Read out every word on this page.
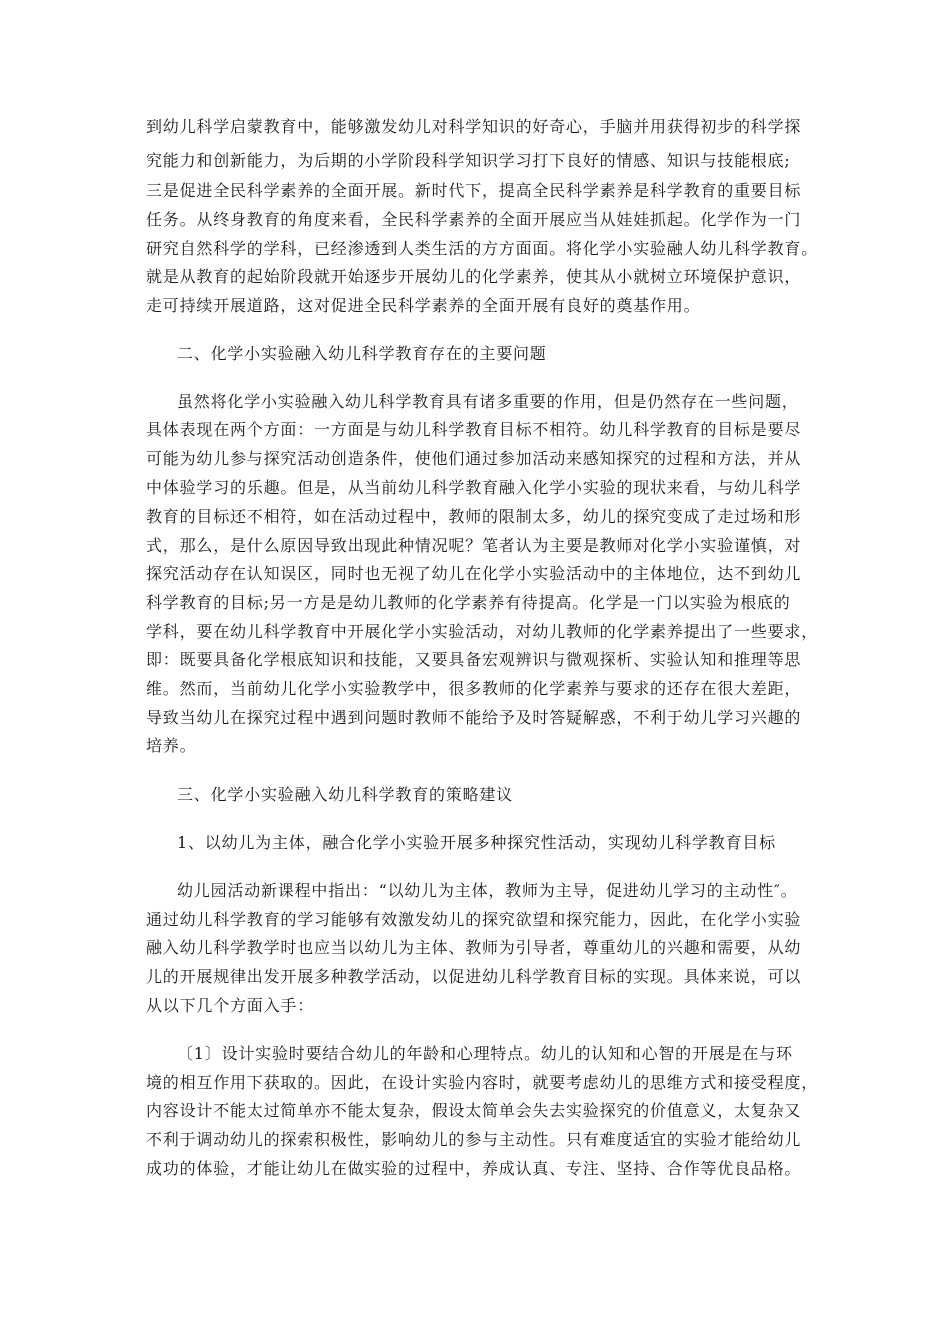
到幼儿科学启蒙教育中，能够激发幼儿对科学知识的好奇心，手脑并用获得初步的科学探

究能力和创新能力，为后期的小学阶段科学知识学习打下良好的情感、知识与技能根底;

三是促进全民科学素养的全面开展。新时代下，提高全民科学素养是科学教育的重要目标

任务。从终身教育的角度来看，全民科学素养的全面开展应当从娃娃抓起。化学作为一门

研究自然科学的学科，已经渗透到人类生活的方方面面。将化学小实验融人幼儿科学教育。

就是从教育的起始阶段就开始逐步开展幼儿的化学素养，使其从小就树立环境保护意识，

走可持续开展道路，这对促进全民科学素养的全面开展有良好的奠基作用。

二、化学小实验融入幼儿科学教育存在的主要问题

虽然将化学小实验融入幼儿科学教育具有诸多重要的作用，但是仍然存在一些问题，

具体表现在两个方面：一方面是与幼儿科学教育目标不相符。幼儿科学教育的目标是要尽

可能为幼儿参与探究活动创造条件，使他们通过参加活动来感知探究的过程和方法，并从

中体验学习的乐趣。但是，从当前幼儿科学教育融入化学小实验的现状来看，与幼儿科学

教育的目标还不相符，如在活动过程中，教师的限制太多，幼儿的探究变成了走过场和形

式，那么，是什么原因导致出现此种情况呢？笔者认为主要是教师对化学小实验谨慎，对

探究活动存在认知误区，同时也无视了幼儿在化学小实验活动中的主体地位，达不到幼儿

科学教育的目标;另一方是是幼儿教师的化学素养有待提高。化学是一门以实验为根底的

学科，要在幼儿科学教育中开展化学小实验活动，对幼儿教师的化学素养提出了一些要求，

即：既要具备化学根底知识和技能，又要具备宏观辨识与微观探析、实验认知和推理等思

维。然而，当前幼儿化学小实验教学中，很多教师的化学素养与要求的还存在很大差距，

导致当幼儿在探究过程中遇到问题时教师不能给予及时答疑解惑，不利于幼儿学习兴趣的

培养。

三、化学小实验融入幼儿科学教育的策略建议

1、以幼儿为主体，融合化学小实验开展多种探究性活动，实现幼儿科学教育目标

幼儿园活动新课程中指出：“以幼儿为主体，教师为主导，促进幼儿学习的主动性″。

通过幼儿科学教育的学习能够有效激发幼儿的探究欲望和探究能力，因此，在化学小实验

融入幼儿科学教学时也应当以幼儿为主体、教师为引导者，尊重幼儿的兴趣和需要，从幼

儿的开展规律出发开展多种教学活动，以促进幼儿科学教育目标的实现。具体来说，可以

从以下几个方面入手：

〔1〕设计实验时要结合幼儿的年龄和心理特点。幼儿的认知和心智的开展是在与环

境的相互作用下获取的。因此，在设计实验内容时，就要考虑幼儿的思维方式和接受程度，

内容设计不能太过简单亦不能太复杂，假设太简单会失去实验探究的价值意义，太复杂又

不利于调动幼儿的探索积极性，影响幼儿的参与主动性。只有难度适宜的实验才能给幼儿

成功的体验，才能让幼儿在做实验的过程中，养成认真、专注、坚持、合作等优良品格。
